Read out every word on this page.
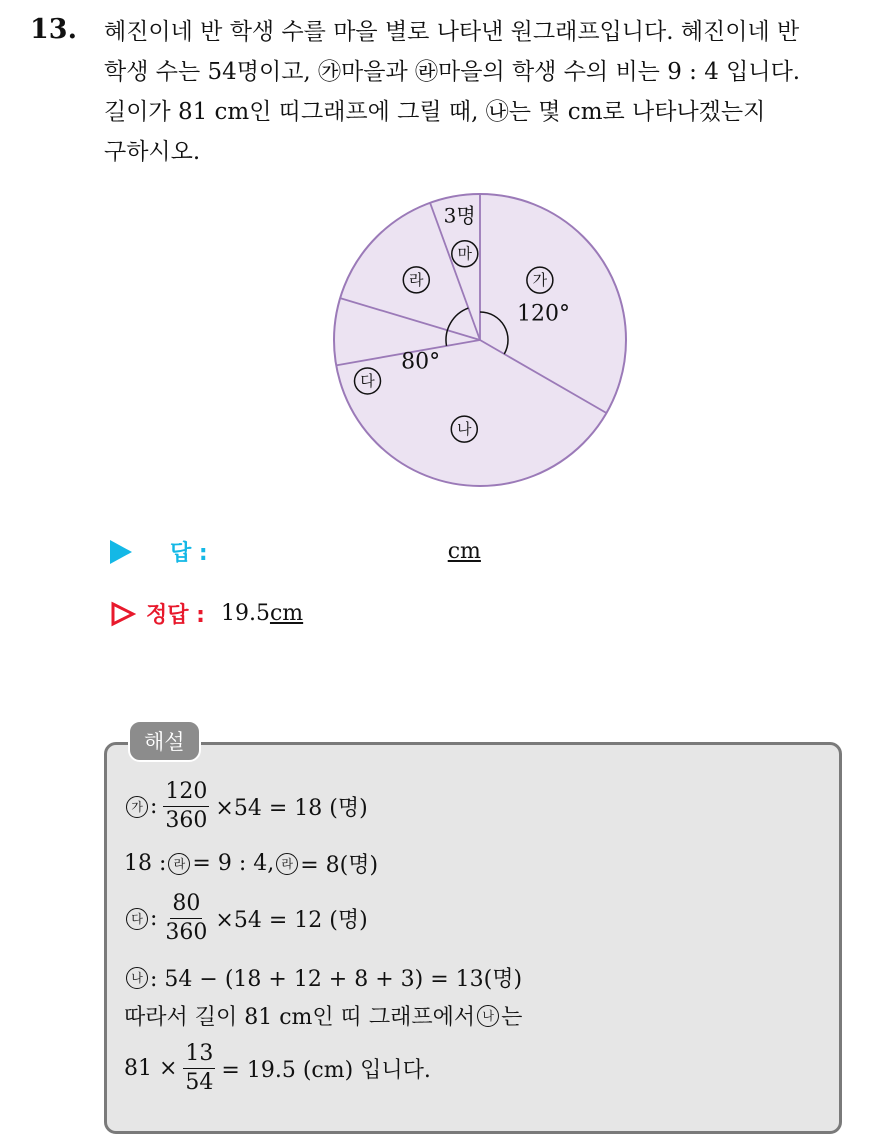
13. 혜진이네 반 학생 수를 마을 별로 나타낸 원그래프입니다. 혜진이네 반
학생 수는 54명이고, ㉮마을과 ㉱마을의 학생 수의 비는 9 : 4 입니다.
길이가 81 cm인 띠그래프에 그릴 때, ㉯는 몇 cm로 나타나겠는지
구하시오.
가
120°
나
다
80°
라
마
3명
답 :	cm
정답 : 19.5 cm
해설
가 : $\frac{120}{360} \times 54 = 18$ (명)
18 : 라 = 9 : 4, 라 = 8(명)
다 : $\frac{80}{360} \times 54 = 12$ (명)
나 : 54 − (18 + 12 + 8 + 3) = 13(명)
따라서 길이 81 cm인 띠 그래프에서 나 는
$81 \times \frac{13}{54} = 19.5$ (cm) 입니다.
